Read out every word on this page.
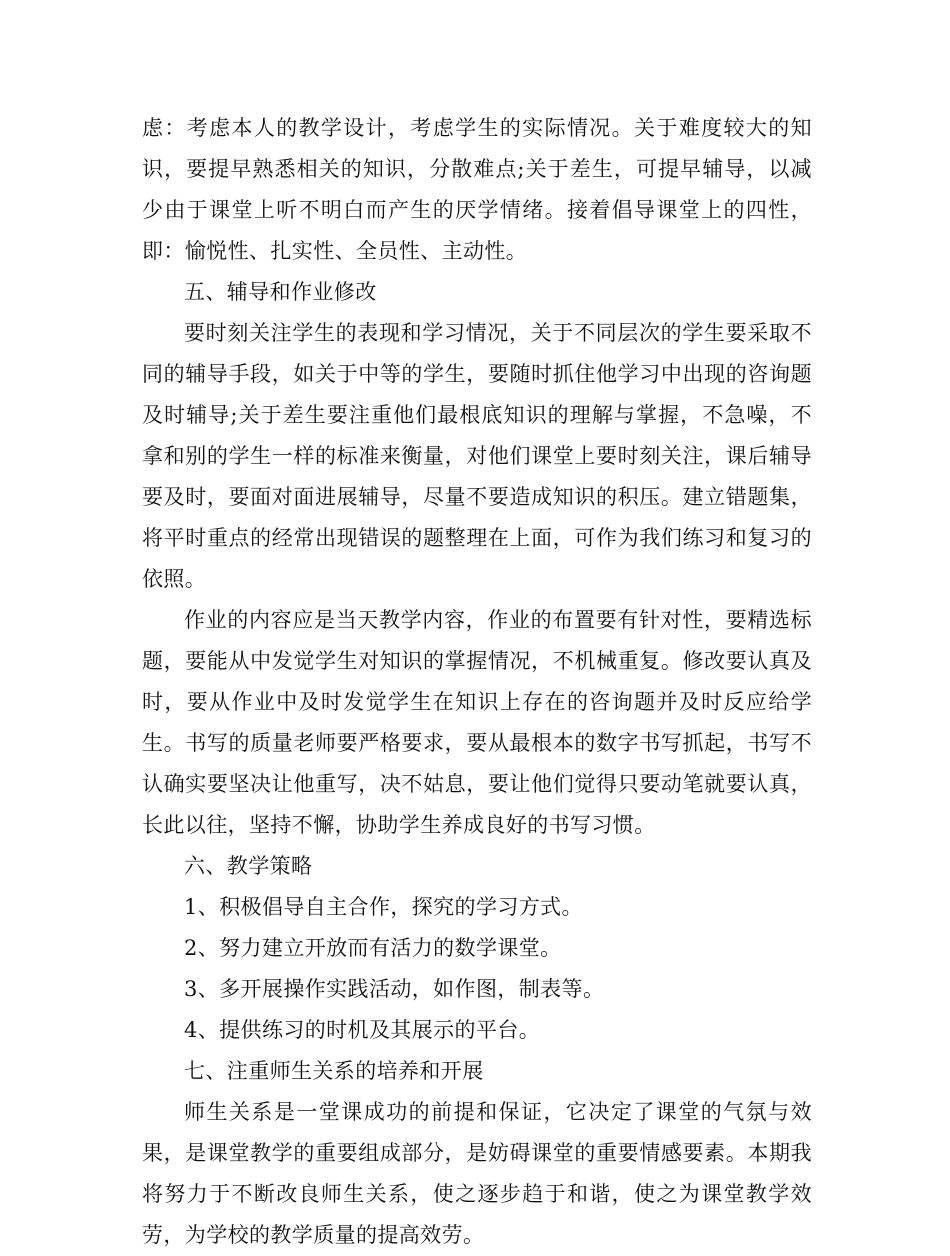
虑：考虑本人的教学设计，考虑学生的实际情况。关于难度较大的知识，要提早熟悉相关的知识，分散难点;关于差生，可提早辅导，以减少由于课堂上听不明白而产生的厌学情绪。接着倡导课堂上的四性，即：愉悦性、扎实性、全员性、主动性。

五、辅导和作业修改

要时刻关注学生的表现和学习情况，关于不同层次的学生要采取不同的辅导手段，如关于中等的学生，要随时抓住他学习中出现的咨询题及时辅导;关于差生要注重他们最根底知识的理解与掌握，不急噪，不拿和别的学生一样的标准来衡量，对他们课堂上要时刻关注，课后辅导要及时，要面对面进展辅导，尽量不要造成知识的积压。建立错题集，将平时重点的经常出现错误的题整理在上面，可作为我们练习和复习的依照。

作业的内容应是当天教学内容，作业的布置要有针对性，要精选标题，要能从中发觉学生对知识的掌握情况，不机械重复。修改要认真及时，要从作业中及时发觉学生在知识上存在的咨询题并及时反应给学生。书写的质量老师要严格要求，要从最根本的数字书写抓起，书写不认确实要坚决让他重写，决不姑息，要让他们觉得只要动笔就要认真，长此以往，坚持不懈，协助学生养成良好的书写习惯。

六、教学策略

1、积极倡导自主合作，探究的学习方式。

2、努力建立开放而有活力的数学课堂。

3、多开展操作实践活动，如作图，制表等。

4、提供练习的时机及其展示的平台。

七、注重师生关系的培养和开展

师生关系是一堂课成功的前提和保证，它决定了课堂的气氛与效果，是课堂教学的重要组成部分，是妨碍课堂的重要情感要素。本期我将努力于不断改良师生关系，使之逐步趋于和谐，使之为课堂教学效劳，为学校的教学质量的提高效劳。
